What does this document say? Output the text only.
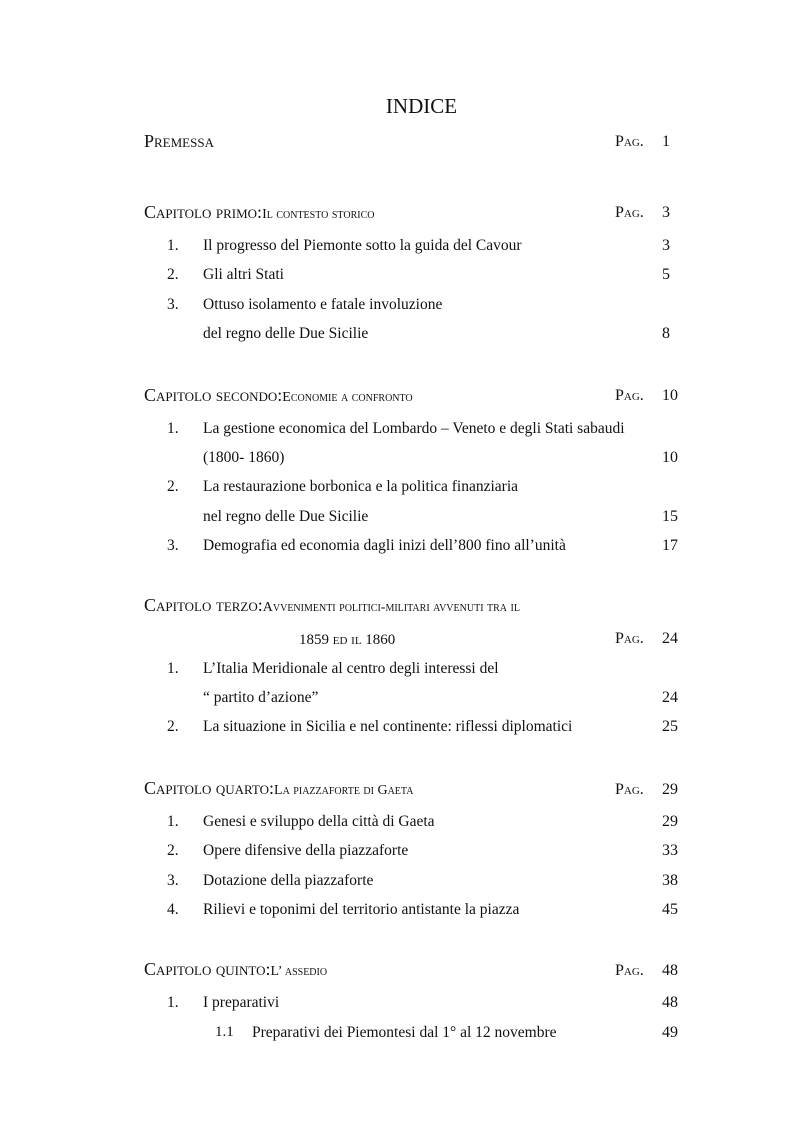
INDICE
Premessa	Pag.	1
Capitolo primo:Il contesto storico	Pag.	3
1. Il progresso del Piemonte sotto la guida del Cavour	3
2. Gli altri Stati	5
3. Ottuso isolamento e fatale involuzione
del regno delle Due Sicilie	8
Capitolo secondo:Economie a confronto	Pag.	10
1. La gestione economica del Lombardo – Veneto e degli Stati sabaudi
(1800- 1860)	10
2. La restaurazione borbonica e la politica finanziaria
nel regno delle Due Sicilie	15
3. Demografia ed economia dagli inizi dell’800 fino all’unità	17
Capitolo terzo:Avvenimenti politici-militari avvenuti tra il
1859 ed il 1860	Pag.	24
1. L’Italia Meridionale al centro degli interessi del
“ partito d’azione”	24
2. La situazione in Sicilia e nel continente: riflessi diplomatici	25
Capitolo quarto:La piazzaforte di Gaeta	Pag.	29
1. Genesi e sviluppo della città di Gaeta	29
2. Opere difensive della piazzaforte	33
3. Dotazione della piazzaforte	38
4. Rilievi e toponimi del territorio antistante la piazza	45
Capitolo quinto:L’ assedio	Pag.	48
1. I preparativi	48
1.1 Preparativi dei Piemontesi dal 1° al 12 novembre	49
